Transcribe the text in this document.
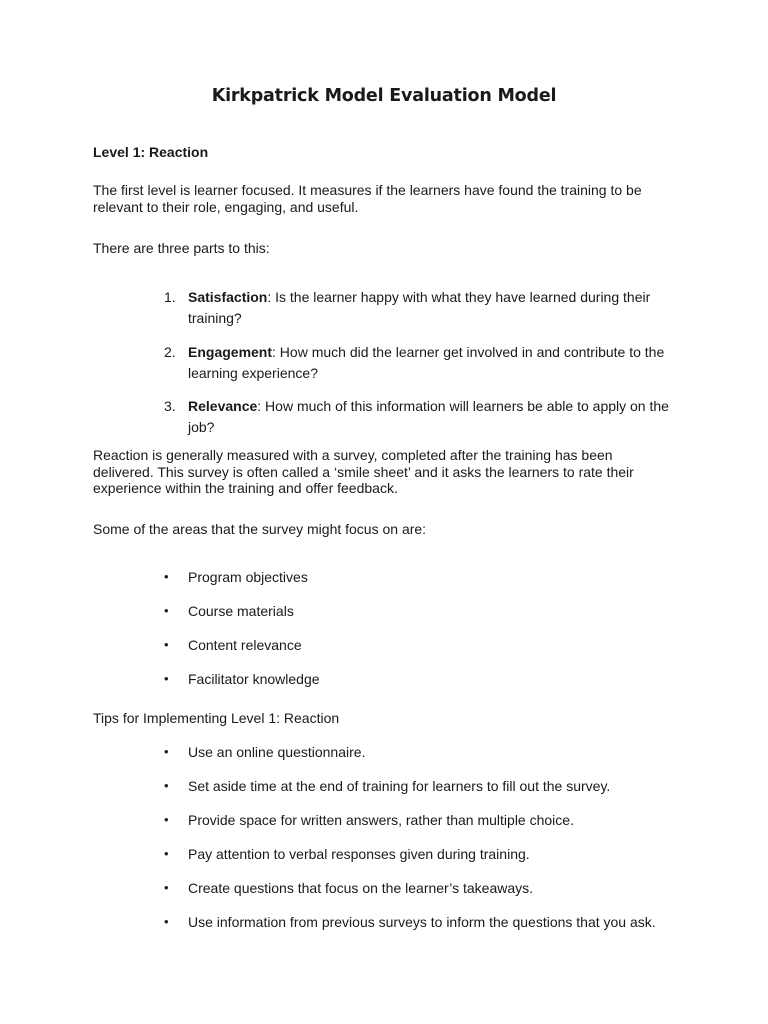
Kirkpatrick Model Evaluation Model
Level 1: Reaction
The first level is learner focused. It measures if the learners have found the training to be relevant to their role, engaging, and useful.
There are three parts to this:
1. Satisfaction: Is the learner happy with what they have learned during their training?
2. Engagement: How much did the learner get involved in and contribute to the learning experience?
3. Relevance: How much of this information will learners be able to apply on the job?
Reaction is generally measured with a survey, completed after the training has been delivered. This survey is often called a ‘smile sheet’ and it asks the learners to rate their experience within the training and offer feedback.
Some of the areas that the survey might focus on are:
•	Program objectives
•	Course materials
•	Content relevance
•	Facilitator knowledge
Tips for Implementing Level 1: Reaction
•	Use an online questionnaire.
•	Set aside time at the end of training for learners to fill out the survey.
•	Provide space for written answers, rather than multiple choice.
•	Pay attention to verbal responses given during training.
•	Create questions that focus on the learner’s takeaways.
•	Use information from previous surveys to inform the questions that you ask.
